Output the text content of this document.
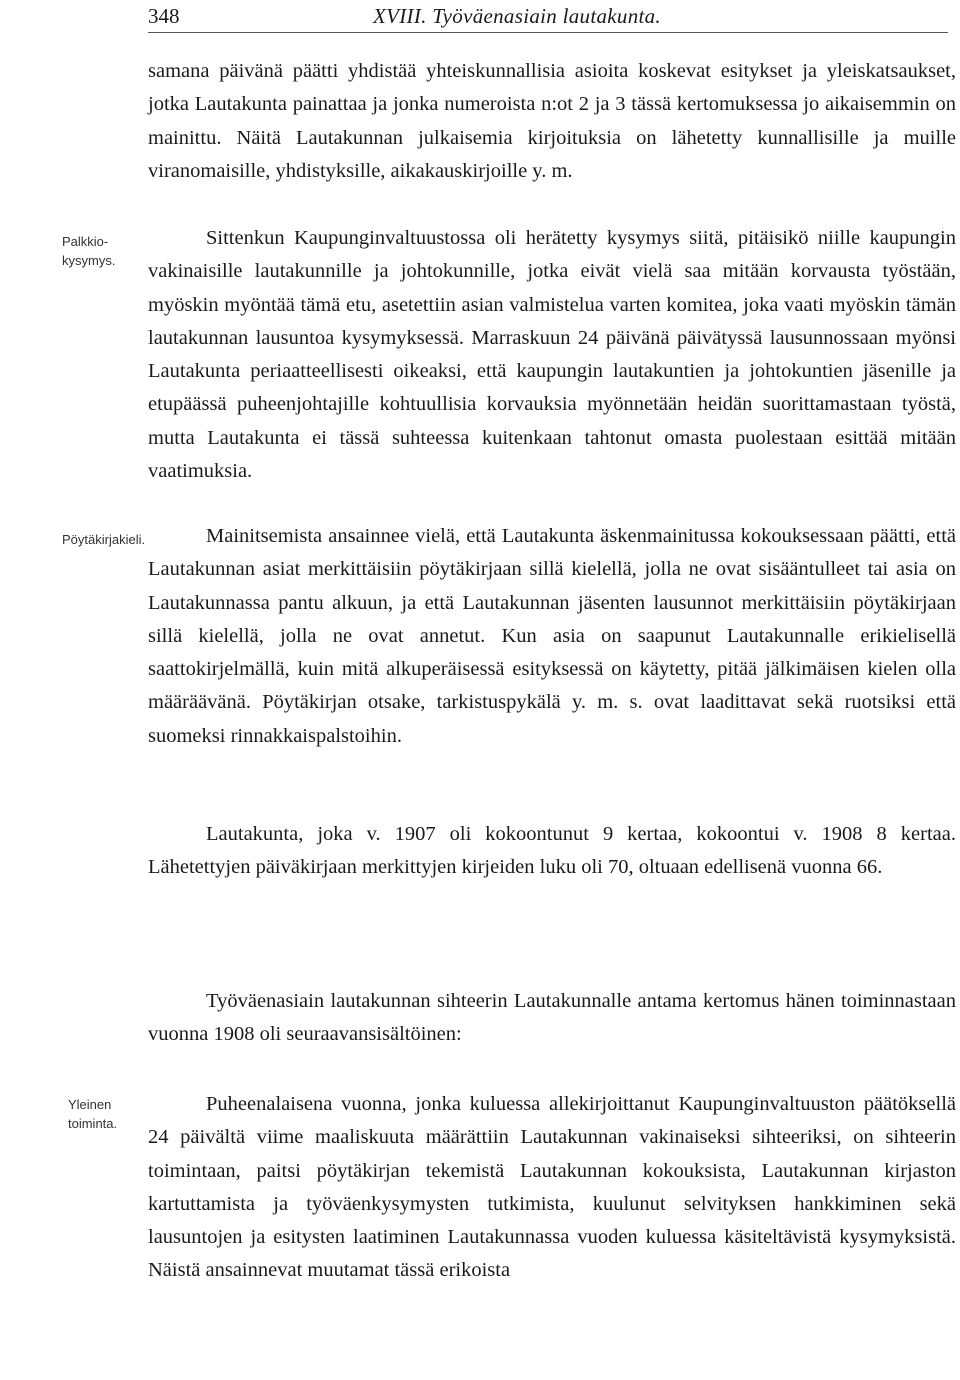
348	XVIII. Työväenasiain lautakunta.
Palkkio-
kysymys.
Pöytäkirjakieli.
Yleinen
toiminta.

samana päivänä päätti yhdistää yhteiskunnallisia asioita koskevat esitykset ja yleiskatsaukset, jotka Lautakunta painattaa ja jonka numeroista n:ot 2 ja 3 tässä kertomuksessa jo aikaisemmin on mainittu. Näitä Lautakunnan julkaisemia kirjoituksia on lähetetty kunnallisille ja muille viranomaisille, yhdistyksille, aikakauskirjoille y. m.

Sittenkun Kaupunginvaltuustossa oli herätetty kysymys siitä, pitäisikö niille kaupungin vakinaisille lautakunnille ja johtokunnille, jotka eivät vielä saa mitään korvausta työstään, myöskin myöntää tämä etu, asetettiin asian valmistelua varten komitea, joka vaati myöskin tämän lautakunnan lausuntoa kysymyksessä. Marraskuun 24 päivänä päivätyssä lausunnossaan myönsi Lautakunta periaatteellisesti oikeaksi, että kaupungin lautakuntien ja johtokuntien jäsenille ja etupäässä puheenjohtajille kohtuullisia korvauksia myönnetään heidän suorittamastaan työstä, mutta Lautakunta ei tässä suhteessa kuitenkaan tahtonut omasta puolestaan esittää mitään vaatimuksia.

Mainitsemista ansainnee vielä, että Lautakunta äskenmainitussa kokouksessaan päätti, että Lautakunnan asiat merkittäisiin pöytäkirjaan sillä kielellä, jolla ne ovat sisääntulleet tai asia on Lautakunnassa pantu alkuun, ja että Lautakunnan jäsenten lausunnot merkittäisiin pöytäkirjaan sillä kielellä, jolla ne ovat annetut. Kun asia on saapunut Lautakunnalle erikielisellä saattokirjelmällä, kuin mitä alkuperäisessä esityksessä on käytetty, pitää jälkimäisen kielen olla määräävänä. Pöytäkirjan otsake, tarkistuspykälä y. m. s. ovat laadittavat sekä ruotsiksi että suomeksi rinnakkaispalstoihin.

Lautakunta, joka v. 1907 oli kokoontunut 9 kertaa, kokoontui v. 1908 8 kertaa. Lähetettyjen päiväkirjaan merkittyjen kirjeiden luku oli 70, oltuaan edellisenä vuonna 66.

Työväenasiain lautakunnan sihteerin Lautakunnalle antama kertomus hänen toiminnastaan vuonna 1908 oli seuraavansisältöinen:

Puheenalaisena vuonna, jonka kuluessa allekirjoittanut Kaupunginvaltuuston päätöksellä 24 päivältä viime maaliskuuta määrättiin Lautakunnan vakinaiseksi sihteeriksi, on sihteerin toimintaan, paitsi pöytäkirjan tekemistä Lautakunnan kokouksista, Lautakunnan kirjaston kartuttamista ja työväenkysymysten tutkimista, kuulunut selvityksen hankkiminen sekä lausuntojen ja esitysten laatiminen Lautakunnassa vuoden kuluessa käsiteltävistä kysymyksistä. Näistä ansainnevat muutamat tässä erikoista
